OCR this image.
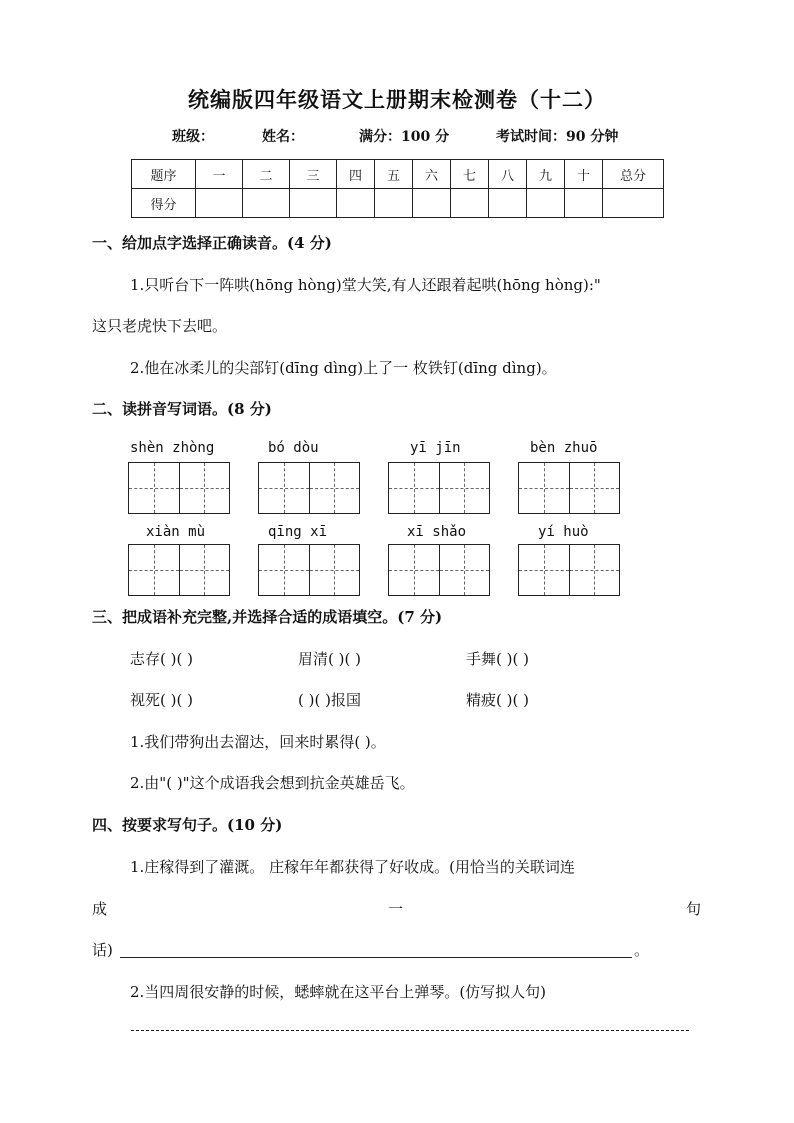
统编版四年级语文上册期末检测卷（十二）
班级：	姓名：	满分：100 分	考试时间：90 分钟
题序	一	二	三	四	五	六	七	八	九	十	总分
得分											
一、给加点字选择正确读音。(4 分)
1.只听台下一阵哄(hōng hòng)堂大笑,有人还跟着起哄(hōng hòng):"
这只老虎快下去吧。
2.他在冰柔儿的尖部钉(dīng dìng)上了一 枚铁钉(dīng dìng)。
二、读拼音写词语。(8 分)
shèn zhòng	bó dòu	yī jīn	bèn zhuō
xiàn mù	qīng xī	xī shǎo	yí huò
三、把成语补充完整,并选择合适的成语填空。(7 分)
志存( )( )	眉清( )( )	手舞( )( )
视死( )( )	( )( )报国	精疲( )( )
1.我们带狗出去溜达，回来时累得( )。
2.由"( )"这个成语我会想到抗金英雄岳飞。
四、按要求写句子。(10 分)
1.庄稼得到了灌溉。 庄稼年年都获得了好收成。(用恰当的关联词连
成	一	句
话)	。
2.当四周很安静的时候，蟋蟀就在这平台上弹琴。(仿写拟人句)
